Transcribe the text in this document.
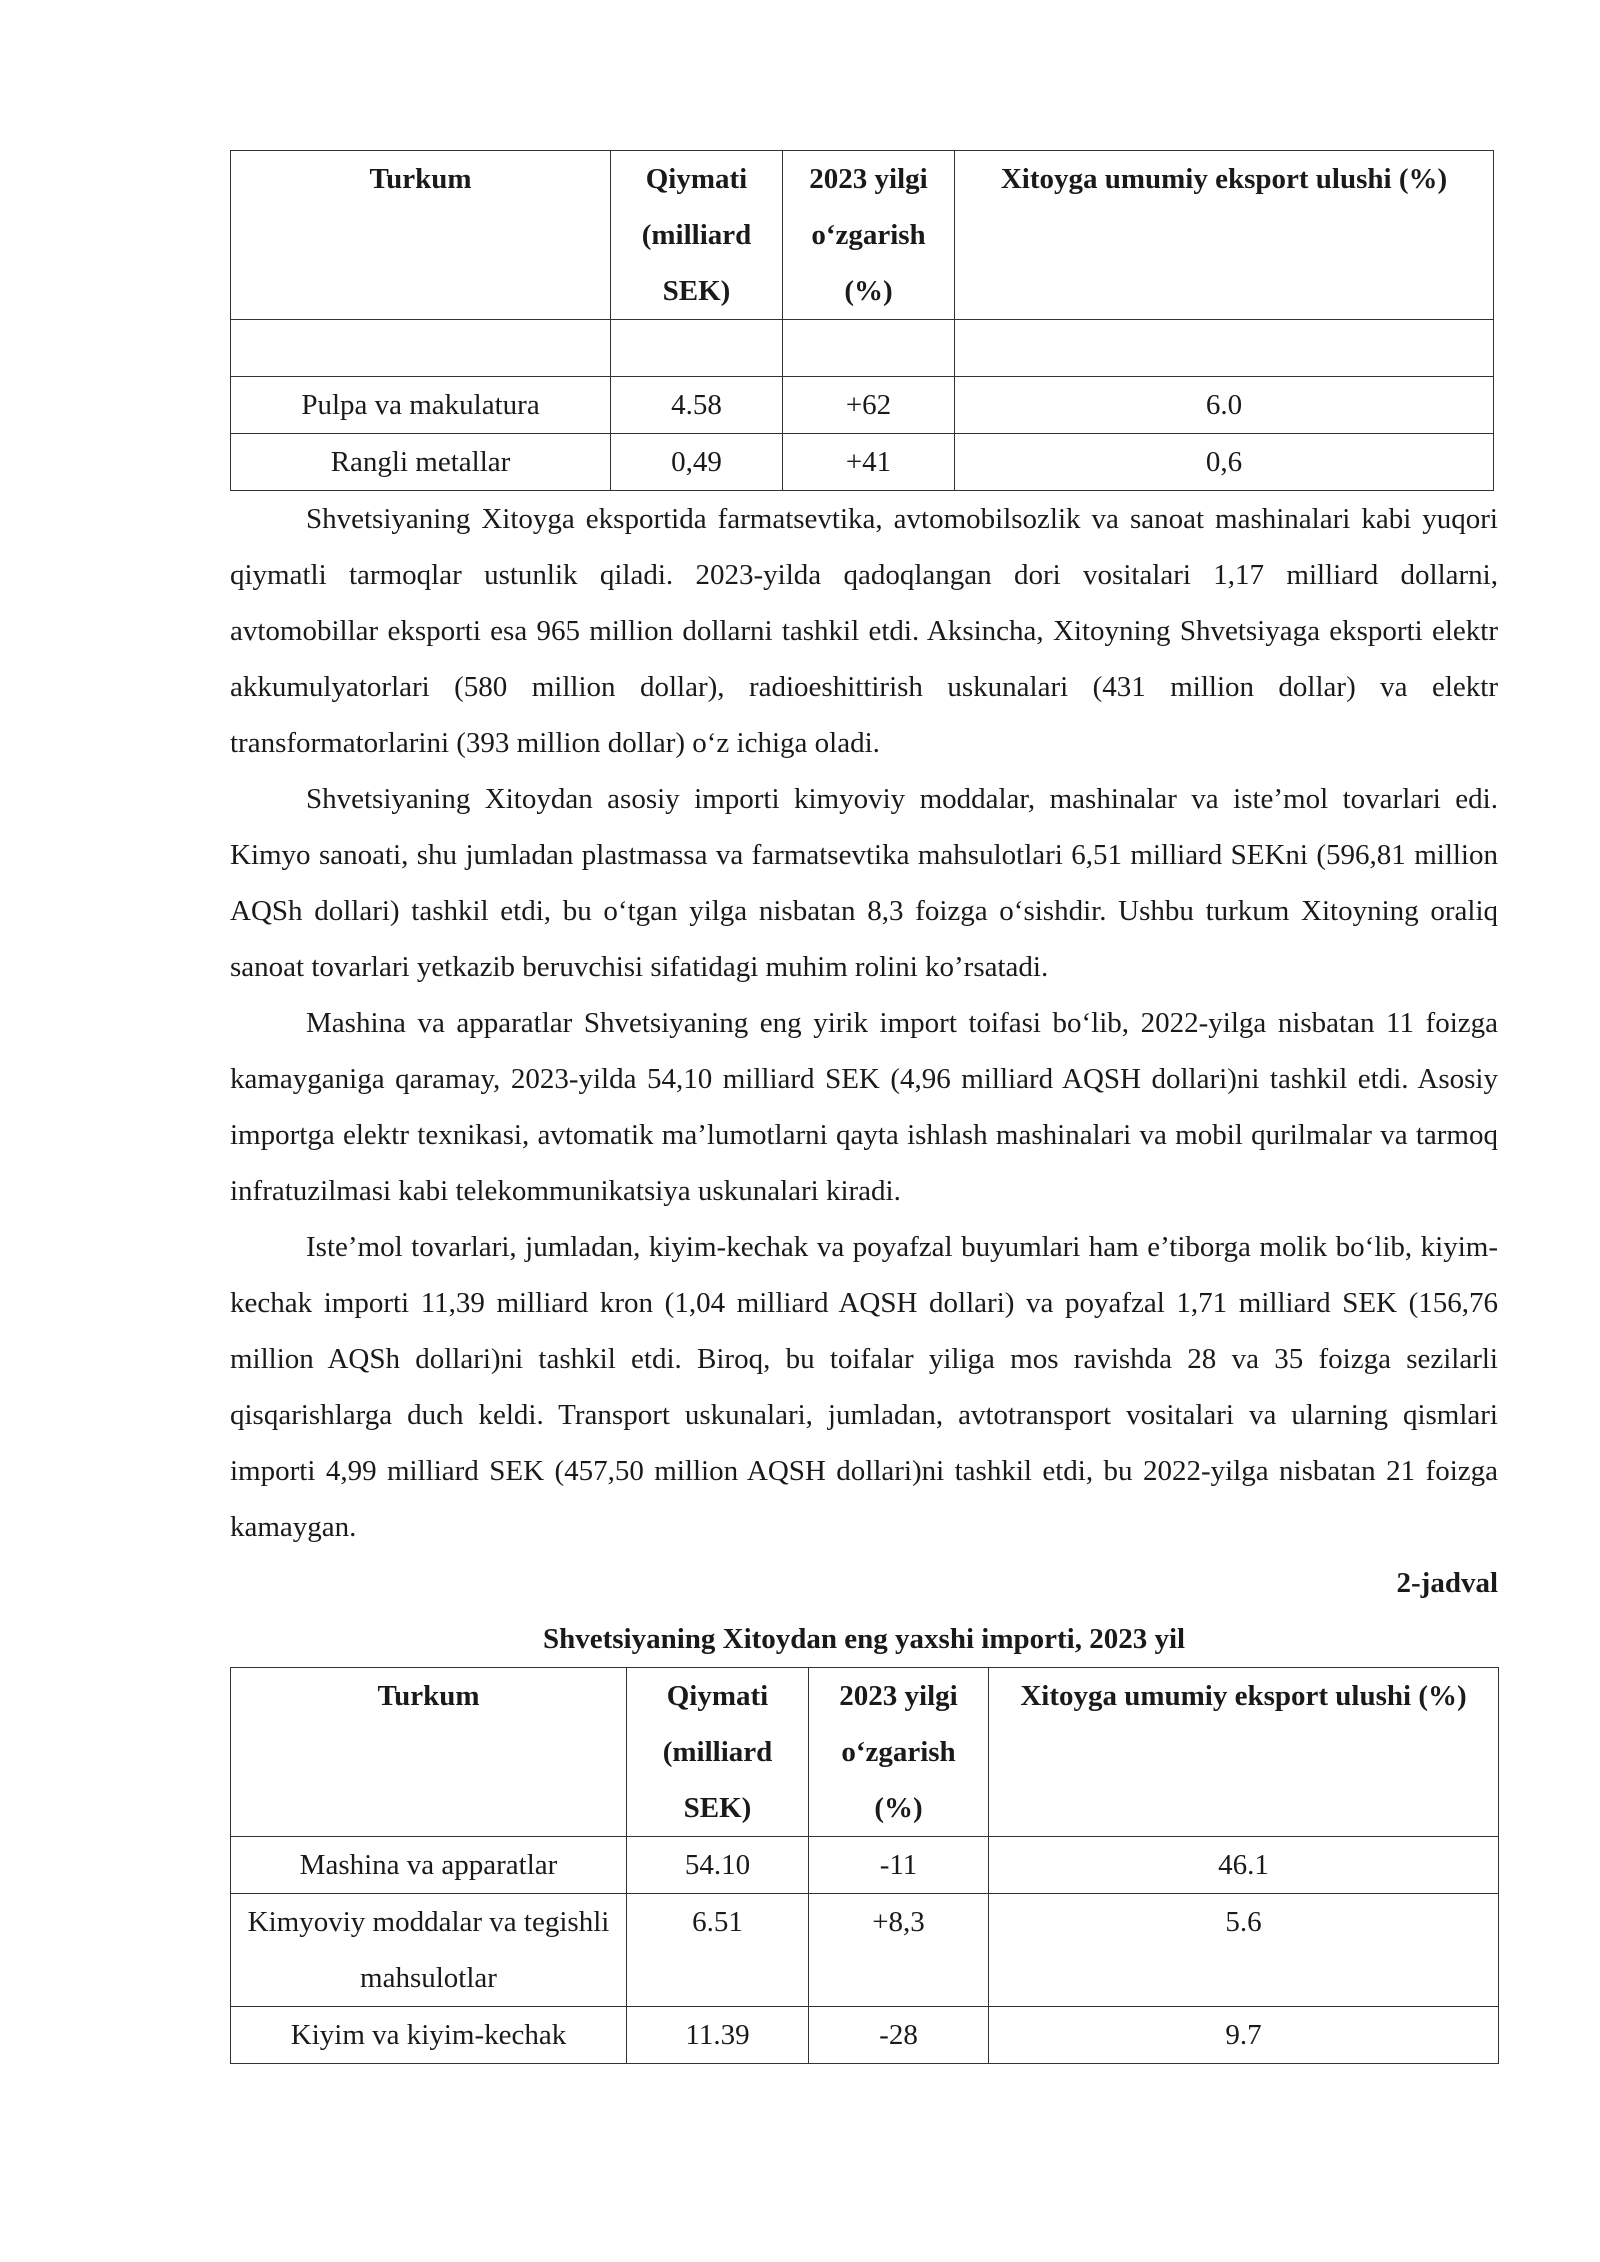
Turkum	Qiymati (milliard SEK)	2023 yilgi o‘zgarish (%)	Xitoyga umumiy eksport ulushi (%)

Pulpa va makulatura	4.58	+62	6.0
Rangli metallar	0,49	+41	0,6

Shvetsiyaning Xitoyga eksportida farmatsevtika, avtomobilsozlik va sanoat mashinalari kabi yuqori qiymatli tarmoqlar ustunlik qiladi. 2023-yilda qadoqlangan dori vositalari 1,17 milliard dollarni, avtomobillar eksporti esa 965 million dollarni tashkil etdi. Aksincha, Xitoyning Shvetsiyaga eksporti elektr akkumulyatorlari (580 million dollar), radioeshittirish uskunalari (431 million dollar) va elektr transformatorlarini (393 million dollar) o‘z ichiga oladi.

Shvetsiyaning Xitoydan asosiy importi kimyoviy moddalar, mashinalar va iste’mol tovarlari edi. Kimyo sanoati, shu jumladan plastmassa va farmatsevtika mahsulotlari 6,51 milliard SEKni (596,81 million AQSh dollari) tashkil etdi, bu o‘tgan yilga nisbatan 8,3 foizga o‘sishdir. Ushbu turkum Xitoyning oraliq sanoat tovarlari yetkazib beruvchisi sifatidagi muhim rolini ko’rsatadi.

Mashina va apparatlar Shvetsiyaning eng yirik import toifasi bo‘lib, 2022-yilga nisbatan 11 foizga kamayganiga qaramay, 2023-yilda 54,10 milliard SEK (4,96 milliard AQSH dollari)ni tashkil etdi. Asosiy importga elektr texnikasi, avtomatik ma’lumotlarni qayta ishlash mashinalari va mobil qurilmalar va tarmoq infratuzilmasi kabi telekommunikatsiya uskunalari kiradi.

Iste’mol tovarlari, jumladan, kiyim-kechak va poyafzal buyumlari ham e’tiborga molik bo‘lib, kiyim-kechak importi 11,39 milliard kron (1,04 milliard AQSH dollari) va poyafzal 1,71 milliard SEK (156,76 million AQSh dollari)ni tashkil etdi. Biroq, bu toifalar yiliga mos ravishda 28 va 35 foizga sezilarli qisqarishlarga duch keldi. Transport uskunalari, jumladan, avtotransport vositalari va ularning qismlari importi 4,99 milliard SEK (457,50 million AQSH dollari)ni tashkil etdi, bu 2022-yilga nisbatan 21 foizga kamaygan.

2-jadval

Shvetsiyaning Xitoydan eng yaxshi importi, 2023 yil

Turkum	Qiymati (milliard SEK)	2023 yilgi o‘zgarish (%)	Xitoyga umumiy eksport ulushi (%)
Mashina va apparatlar	54.10	-11	46.1
Kimyoviy moddalar va tegishli mahsulotlar	6.51	+8,3	5.6
Kiyim va kiyim-kechak	11.39	-28	9.7
